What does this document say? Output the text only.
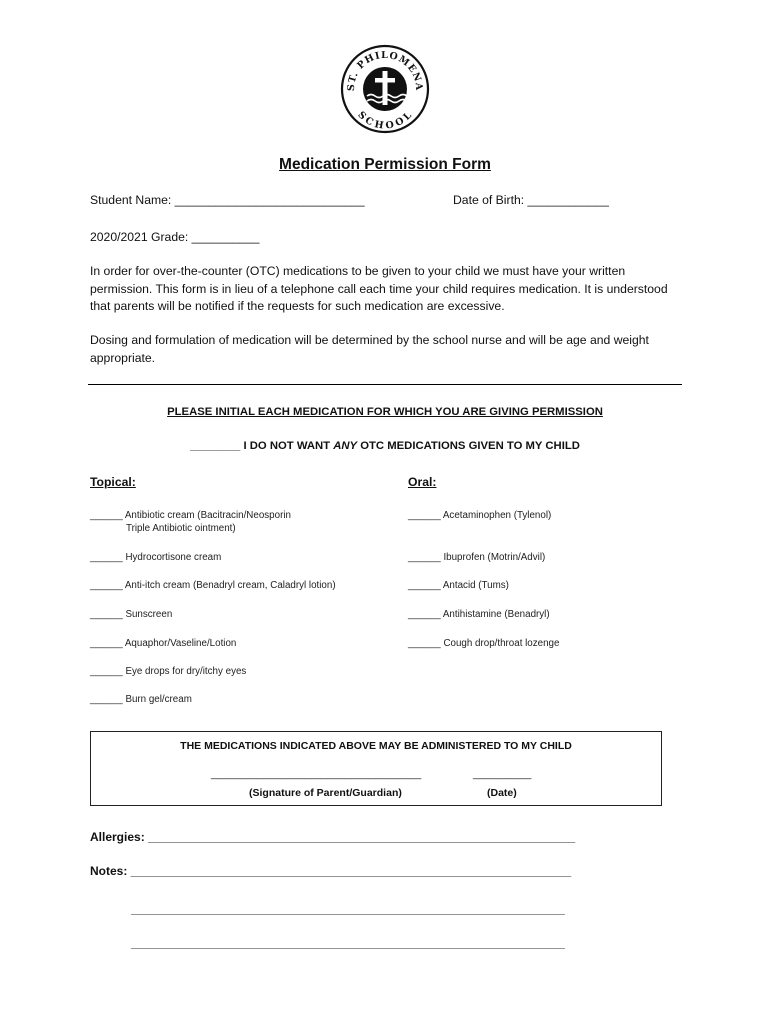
ST. PHILOMENA
SCHOOL
Medication Permission Form
Student Name: ____________________________	Date of Birth: ____________
2020/2021 Grade: __________
In order for over-the-counter (OTC) medications to be given to your child we must have your written permission. This form is in lieu of a telephone call each time your child requires medication. It is understood that parents will be notified if the requests for such medication are excessive.
Dosing and formulation of medication will be determined by the school nurse and will be age and weight appropriate.
PLEASE INITIAL EACH MEDICATION FOR WHICH YOU ARE GIVING PERMISSION
________ I DO NOT WANT ANY OTC MEDICATIONS GIVEN TO MY CHILD
Topical:	Oral:
______ Antibiotic cream (Bacitracin/Neosporin
Triple Antibiotic ointment)
______ Hydrocortisone cream
______ Anti-itch cream (Benadryl cream, Caladryl lotion)
______ Sunscreen
______ Aquaphor/Vaseline/Lotion
______ Eye drops for dry/itchy eyes
______ Burn gel/cream
______ Acetaminophen (Tylenol)
______ Ibuprofen (Motrin/Advil)
______ Antacid (Tums)
______ Antihistamine (Benadryl)
______ Cough drop/throat lozenge
THE MEDICATIONS INDICATED ABOVE MAY BE ADMINISTERED TO MY CHILD
____________________________________	__________
(Signature of Parent/Guardian)	(Date)
Allergies: ________________________________________________________________
Notes: __________________________________________________________________
_________________________________________________________________
_________________________________________________________________
